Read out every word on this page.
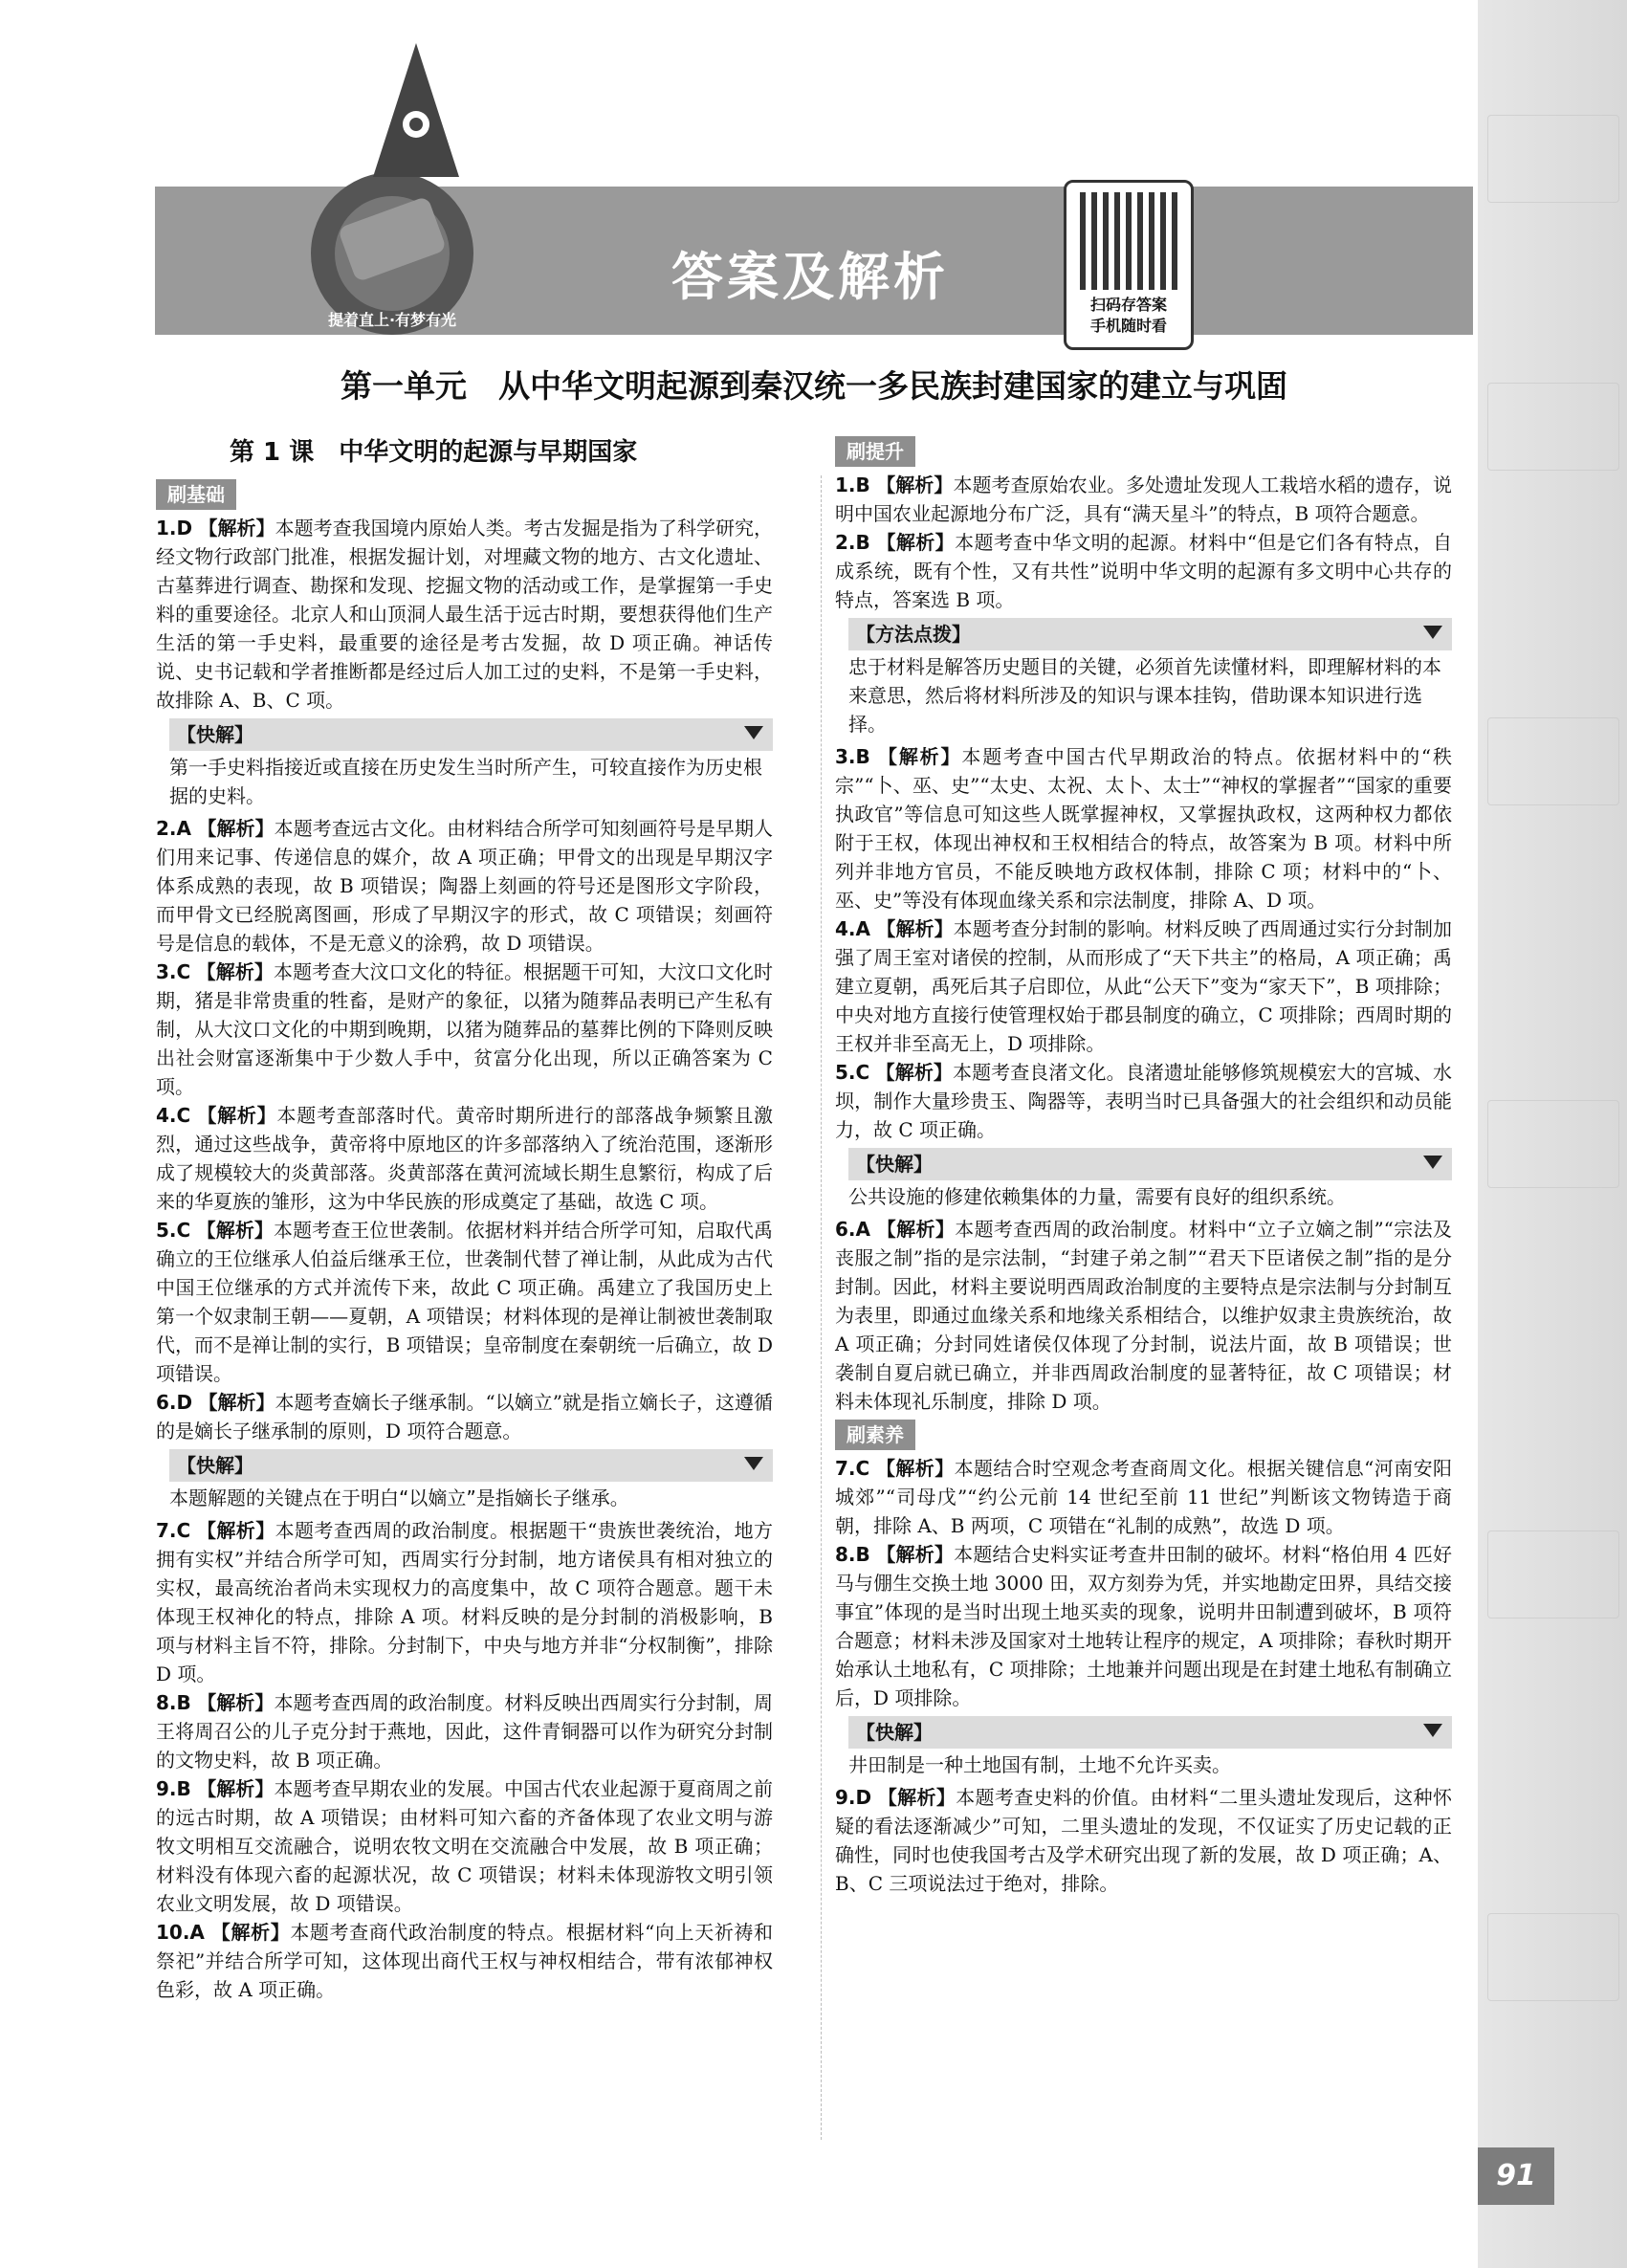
答案及解析
提着直上·有梦有光
扫码存答案
手机随时看
第一单元　从中华文明起源到秦汉统一多民族封建国家的建立与巩固
第 1 课　中华文明的起源与早期国家
刷基础
1.D 【解析】本题考查我国境内原始人类。考古发掘是指为了科学研究，经文物行政部门批准，根据发掘计划，对埋藏文物的地方、古文化遗址、古墓葬进行调查、勘探和发现、挖掘文物的活动或工作，是掌握第一手史料的重要途径。北京人和山顶洞人最生活于远古时期，要想获得他们生产生活的第一手史料，最重要的途径是考古发掘，故 D 项正确。神话传说、史书记载和学者推断都是经过后人加工过的史料，不是第一手史料，故排除 A、B、C 项。
【快解】
第一手史料指接近或直接在历史发生当时所产生，可较直接作为历史根据的史料。
2.A 【解析】本题考查远古文化。由材料结合所学可知刻画符号是早期人们用来记事、传递信息的媒介，故 A 项正确；甲骨文的出现是早期汉字体系成熟的表现，故 B 项错误；陶器上刻画的符号还是图形文字阶段，而甲骨文已经脱离图画，形成了早期汉字的形式，故 C 项错误；刻画符号是信息的载体，不是无意义的涂鸦，故 D 项错误。
3.C 【解析】本题考查大汶口文化的特征。根据题干可知，大汶口文化时期，猪是非常贵重的牲畜，是财产的象征，以猪为随葬品表明已产生私有制，从大汶口文化的中期到晚期，以猪为随葬品的墓葬比例的下降则反映出社会财富逐渐集中于少数人手中，贫富分化出现，所以正确答案为 C 项。
4.C 【解析】本题考查部落时代。黄帝时期所进行的部落战争频繁且激烈，通过这些战争，黄帝将中原地区的许多部落纳入了统治范围，逐渐形成了规模较大的炎黄部落。炎黄部落在黄河流域长期生息繁衍，构成了后来的华夏族的雏形，这为中华民族的形成奠定了基础，故选 C 项。
5.C 【解析】本题考查王位世袭制。依据材料并结合所学可知，启取代禹确立的王位继承人伯益后继承王位，世袭制代替了禅让制，从此成为古代中国王位继承的方式并流传下来，故此 C 项正确。禹建立了我国历史上第一个奴隶制王朝——夏朝，A 项错误；材料体现的是禅让制被世袭制取代，而不是禅让制的实行，B 项错误；皇帝制度在秦朝统一后确立，故 D 项错误。
6.D 【解析】本题考查嫡长子继承制。“以嫡立”就是指立嫡长子，这遵循的是嫡长子继承制的原则，D 项符合题意。
【快解】
本题解题的关键点在于明白“以嫡立”是指嫡长子继承。
7.C 【解析】本题考查西周的政治制度。根据题干“贵族世袭统治，地方拥有实权”并结合所学可知，西周实行分封制，地方诸侯具有相对独立的实权，最高统治者尚未实现权力的高度集中，故 C 项符合题意。题干未体现王权神化的特点，排除 A 项。材料反映的是分封制的消极影响，B 项与材料主旨不符，排除。分封制下，中央与地方并非“分权制衡”，排除 D 项。
8.B 【解析】本题考查西周的政治制度。材料反映出西周实行分封制，周王将周召公的儿子克分封于燕地，因此，这件青铜器可以作为研究分封制的文物史料，故 B 项正确。
9.B 【解析】本题考查早期农业的发展。中国古代农业起源于夏商周之前的远古时期，故 A 项错误；由材料可知六畜的齐备体现了农业文明与游牧文明相互交流融合，说明农牧文明在交流融合中发展，故 B 项正确；材料没有体现六畜的起源状况，故 C 项错误；材料未体现游牧文明引领农业文明发展，故 D 项错误。
10.A 【解析】本题考查商代政治制度的特点。根据材料“向上天祈祷和祭祀”并结合所学可知，这体现出商代王权与神权相结合，带有浓郁神权色彩，故 A 项正确。
刷提升
1.B 【解析】本题考查原始农业。多处遗址发现人工栽培水稻的遗存，说明中国农业起源地分布广泛，具有“满天星斗”的特点，B 项符合题意。
2.B 【解析】本题考查中华文明的起源。材料中“但是它们各有特点，自成系统，既有个性，又有共性”说明中华文明的起源有多文明中心共存的特点，答案选 B 项。
【方法点拨】
忠于材料是解答历史题目的关键，必须首先读懂材料，即理解材料的本来意思，然后将材料所涉及的知识与课本挂钩，借助课本知识进行选择。
3.B 【解析】本题考查中国古代早期政治的特点。依据材料中的“秩宗”“卜、巫、史”“太史、太祝、太卜、太士”“神权的掌握者”“国家的重要执政官”等信息可知这些人既掌握神权，又掌握执政权，这两种权力都依附于王权，体现出神权和王权相结合的特点，故答案为 B 项。材料中所列并非地方官员，不能反映地方政权体制，排除 C 项；材料中的“卜、巫、史”等没有体现血缘关系和宗法制度，排除 A、D 项。
4.A 【解析】本题考查分封制的影响。材料反映了西周通过实行分封制加强了周王室对诸侯的控制，从而形成了“天下共主”的格局，A 项正确；禹建立夏朝，禹死后其子启即位，从此“公天下”变为“家天下”，B 项排除；中央对地方直接行使管理权始于郡县制度的确立，C 项排除；西周时期的王权并非至高无上，D 项排除。
5.C 【解析】本题考查良渚文化。良渚遗址能够修筑规模宏大的宫城、水坝，制作大量珍贵玉、陶器等，表明当时已具备强大的社会组织和动员能力，故 C 项正确。
【快解】
公共设施的修建依赖集体的力量，需要有良好的组织系统。
6.A 【解析】本题考查西周的政治制度。材料中“立子立嫡之制”“宗法及丧服之制”指的是宗法制，“封建子弟之制”“君天下臣诸侯之制”指的是分封制。因此，材料主要说明西周政治制度的主要特点是宗法制与分封制互为表里，即通过血缘关系和地缘关系相结合，以维护奴隶主贵族统治，故 A 项正确；分封同姓诸侯仅体现了分封制，说法片面，故 B 项错误；世袭制自夏启就已确立，并非西周政治制度的显著特征，故 C 项错误；材料未体现礼乐制度，排除 D 项。
刷素养
7.C 【解析】本题结合时空观念考查商周文化。根据关键信息“河南安阳城郊”“司母戊”“约公元前 14 世纪至前 11 世纪”判断该文物铸造于商朝，排除 A、B 两项，C 项错在“礼制的成熟”，故选 D 项。
8.B 【解析】本题结合史料实证考查井田制的破坏。材料“格伯用 4 匹好马与倗生交换土地 3000 田，双方刻券为凭，并实地勘定田界，具结交接事宜”体现的是当时出现土地买卖的现象，说明井田制遭到破坏，B 项符合题意；材料未涉及国家对土地转让程序的规定，A 项排除；春秋时期开始承认土地私有，C 项排除；土地兼并问题出现是在封建土地私有制确立后，D 项排除。
【快解】
井田制是一种土地国有制，土地不允许买卖。
9.D 【解析】本题考查史料的价值。由材料“二里头遗址发现后，这种怀疑的看法逐渐减少”可知，二里头遗址的发现，不仅证实了历史记载的正确性，同时也使我国考古及学术研究出现了新的发展，故 D 项正确；A、B、C 三项说法过于绝对，排除。
91
